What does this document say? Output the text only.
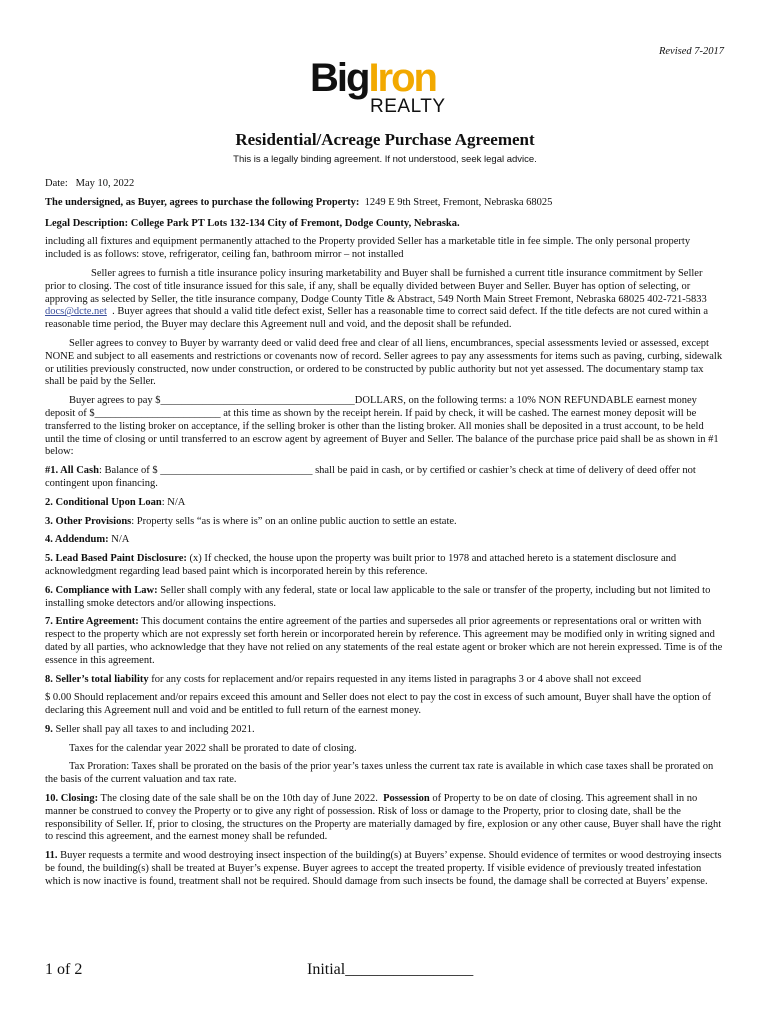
Revised 7-2017
BigIron
REALTY
Residential/Acreage Purchase Agreement
This is a legally binding agreement. If not understood, seek legal advice.

Date: May 10, 2022

The undersigned, as Buyer, agrees to purchase the following Property: 1249 E 9th Street, Fremont, Nebraska 68025

Legal Description: College Park PT Lots 132-134 City of Fremont, Dodge County, Nebraska.

including all fixtures and equipment permanently attached to the Property provided Seller has a marketable title in fee simple. The only personal property included is as follows: stove, refrigerator, ceiling fan, bathroom mirror – not installed

Seller agrees to furnish a title insurance policy insuring marketability and Buyer shall be furnished a current title insurance commitment by Seller prior to closing. The cost of title insurance issued for this sale, if any, shall be equally divided between Buyer and Seller. Buyer has option of selecting, or approving as selected by Seller, the title insurance company, Dodge County Title & Abstract, 549 North Main Street Fremont, Nebraska 68025 402-721-5833  docs@dcte.net . Buyer agrees that should a valid title defect exist, Seller has a reasonable time to correct said defect. If the title defects are not cured within a reasonable time period, the Buyer may declare this Agreement null and void, and the deposit shall be refunded.

Seller agrees to convey to Buyer by warranty deed or valid deed free and clear of all liens, encumbrances, special assessments levied or assessed, except NONE and subject to all easements and restrictions or covenants now of record. Seller agrees to pay any assessments for items such as paving, curbing, sidewalk or utilities previously constructed, now under construction, or ordered to be constructed by public authority but not yet assessed. The documentary stamp tax shall be paid by the Seller.

Buyer agrees to pay $_____________________________________DOLLARS, on the following terms: a 10% NON REFUNDABLE earnest money deposit of $________________________ at this time as shown by the receipt herein. If paid by check, it will be cashed. The earnest money deposit will be transferred to the listing broker on acceptance, if the selling broker is other than the listing broker. All monies shall be deposited in a trust account, to be held until the time of closing or until transferred to an escrow agent by agreement of Buyer and Seller. The balance of the purchase price paid shall be as shown in #1 below:

#1. All Cash: Balance of $ _____________________________ shall be paid in cash, or by certified or cashier’s check at time of delivery of deed offer not contingent upon financing.

2. Conditional Upon Loan: N/A

3. Other Provisions: Property sells “as is where is” on an online public auction to settle an estate.

4. Addendum: N/A

5. Lead Based Paint Disclosure: (x) If checked, the house upon the property was built prior to 1978 and attached hereto is a statement disclosure and acknowledgment regarding lead based paint which is incorporated herein by this reference.

6. Compliance with Law: Seller shall comply with any federal, state or local law applicable to the sale or transfer of the property, including but not limited to installing smoke detectors and/or allowing inspections.

7. Entire Agreement: This document contains the entire agreement of the parties and supersedes all prior agreements or representations oral or written with respect to the property which are not expressly set forth herein or incorporated herein by reference. This agreement may be modified only in writing signed and dated by all parties, who acknowledge that they have not relied on any statements of the real estate agent or broker which are not herein expressed. Time is of the essence in this agreement.

8. Seller’s total liability for any costs for replacement and/or repairs requested in any items listed in paragraphs 3 or 4 above shall not exceed

$ 0.00 Should replacement and/or repairs exceed this amount and Seller does not elect to pay the cost in excess of such amount, Buyer shall have the option of declaring this Agreement null and void and be entitled to full return of the earnest money.

9. Seller shall pay all taxes to and including 2021.

Taxes for the calendar year 2022 shall be prorated to date of closing.

Tax Proration: Taxes shall be prorated on the basis of the prior year’s taxes unless the current tax rate is available in which case taxes shall be prorated on the basis of the current valuation and tax rate.

10. Closing: The closing date of the sale shall be on the 10th day of June 2022. Possession of Property to be on date of closing. This agreement shall in no manner be construed to convey the Property or to give any right of possession. Risk of loss or damage to the Property, prior to closing date, shall be the responsibility of Seller. If, prior to closing, the structures on the Property are materially damaged by fire, explosion or any other cause, Buyer shall have the right to rescind this agreement, and the earnest money shall be refunded.

11. Buyer requests a termite and wood destroying insect inspection of the building(s) at Buyers’ expense. Should evidence of termites or wood destroying insects be found, the building(s) shall be treated at Buyer’s expense. Buyer agrees to accept the treated property. If visible evidence of previously treated infestation which is now inactive is found, treatment shall not be required. Should damage from such insects be found, the damage shall be corrected at Buyers’ expense.

1 of 2	Initial________________
